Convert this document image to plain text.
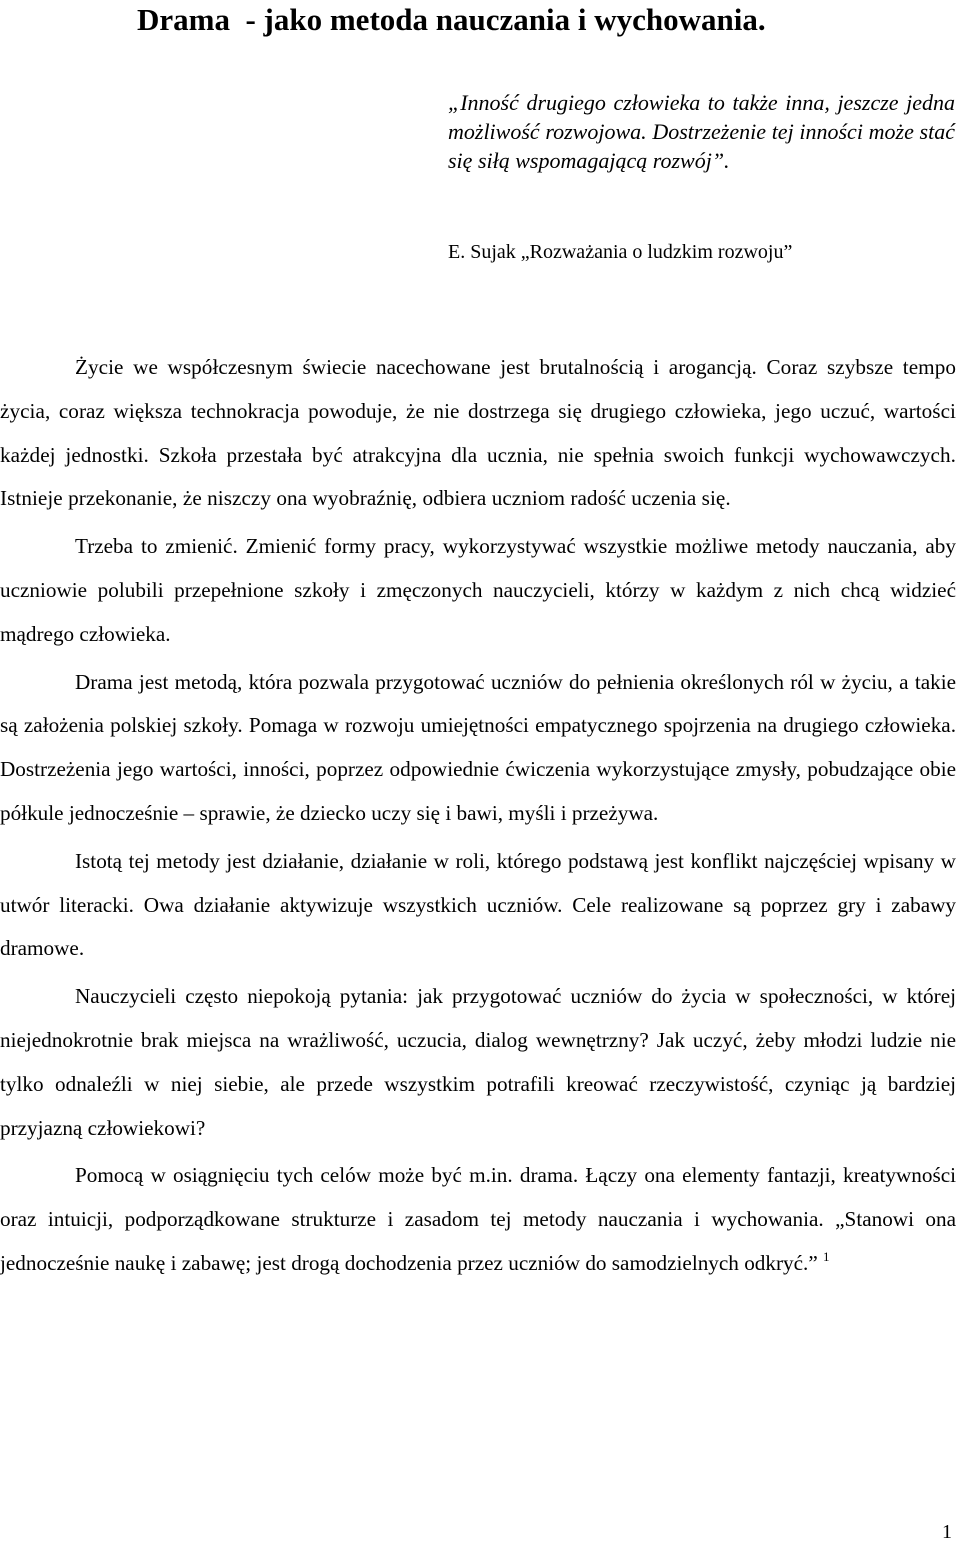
Drama  - jako metoda nauczania i wychowania.

„Inność drugiego człowieka to także inna, jeszcze jedna możliwość rozwojowa. Dostrzeżenie tej inności może stać się siłą wspomagającą rozwój”.

E. Sujak „Rozważania o ludzkim rozwoju”

Życie we współczesnym świecie nacechowane jest brutalnością i arogancją. Coraz szybsze tempo życia, coraz większa technokracja powoduje, że nie dostrzega się drugiego człowieka, jego uczuć, wartości każdej jednostki. Szkoła przestała być atrakcyjna dla ucznia, nie spełnia swoich funkcji wychowawczych. Istnieje przekonanie, że niszczy ona wyobraźnię, odbiera uczniom radość uczenia się.

Trzeba to zmienić. Zmienić formy pracy, wykorzystywać wszystkie możliwe metody nauczania, aby uczniowie polubili przepełnione szkoły i zmęczonych nauczycieli, którzy w każdym z nich chcą widzieć mądrego człowieka.

Drama jest metodą, która pozwala przygotować uczniów do pełnienia określonych ról w życiu, a takie są założenia polskiej szkoły. Pomaga w rozwoju umiejętności empatycznego spojrzenia na drugiego człowieka. Dostrzeżenia jego wartości, inności, poprzez odpowiednie ćwiczenia wykorzystujące zmysły, pobudzające obie półkule jednocześnie – sprawie, że dziecko uczy się i bawi, myśli i przeżywa.

Istotą tej metody jest działanie, działanie w roli, którego podstawą jest konflikt najczęściej wpisany w utwór literacki. Owa działanie aktywizuje wszystkich uczniów. Cele realizowane są poprzez gry i zabawy dramowe.

Nauczycieli często niepokoją pytania: jak przygotować uczniów do życia w społeczności, w której niejednokrotnie brak miejsca na wrażliwość, uczucia, dialog wewnętrzny? Jak uczyć, żeby młodzi ludzie nie tylko odnaleźli w niej siebie, ale przede wszystkim potrafili kreować rzeczywistość, czyniąc ją bardziej przyjazną człowiekowi?

Pomocą w osiągnięciu tych celów może być m.in. drama. Łączy ona elementy fantazji, kreatywności oraz intuicji, podporządkowane strukturze i zasadom tej metody nauczania i wychowania. „Stanowi ona jednocześnie naukę i zabawę; jest drogą dochodzenia przez uczniów do samodzielnych odkryć.” $^1$

1
